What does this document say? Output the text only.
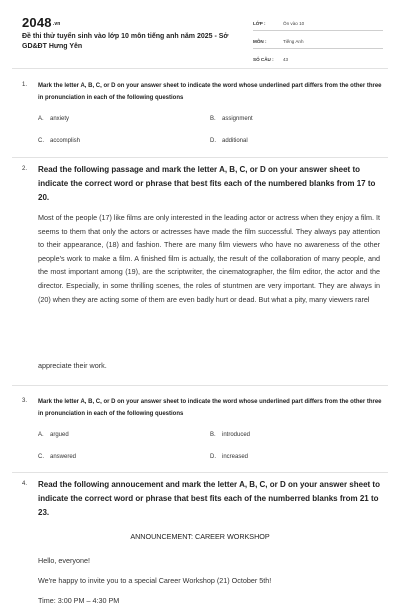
2048.vn
Đề thi thử tuyển sinh vào lớp 10 môn tiếng anh năm 2025 - Sở GD&ĐT Hưng Yên
LỚP :	Ôn vào 10
MÔN :	Tiếng Anh
SỐ CÂU :	43
1. Mark the letter A, B, C, or D on your answer sheet to indicate the word whose underlined part differs from the other three in pronunciation in each of the following questions
A. anxiety	B. assignment
C. accomplish	D. additional
2. Read the following passage and mark the letter A, B, C, or D on your answer sheet to indicate the correct word or phrase that best fits each of the numbered blanks from 17 to 20.
Most of the people (17) like films are only interested in the leading actor or actress when they enjoy a film. It seems to them that only the actors or actresses have made the film successful. They always pay attention to their appearance, (18) and fashion. There are many film viewers who have no awareness of the other people's work to make a film. A finished film is actually, the result of the collaboration of many people, and the most important among (19), are the scriptwriter, the cinematographer, the film editor, the actor and the director. Especially, in some thrilling scenes, the roles of stuntmen are very important. They are always in (20) when they are acting some of them are even badly hurt or dead. But what a pity, many viewers rarel
appreciate their work.
3. Mark the letter A, B, C, or D on your answer sheet to indicate the word whose underlined part differs from the other three in pronunciation in each of the following questions
A. argued	B. introduced
C. answered	D. increased
4. Read the following annoucement and mark the letter A, B, C, or D on your answer sheet to indicate the correct word or phrase that best fits each of the numberred blanks from 21 to 23.
ANNOUNCEMENT: CAREER WORKSHOP
Hello, everyone!
We're happy to invite you to a special Career Workshop (21) October 5th!
Time: 3:00 PM – 4:30 PM
